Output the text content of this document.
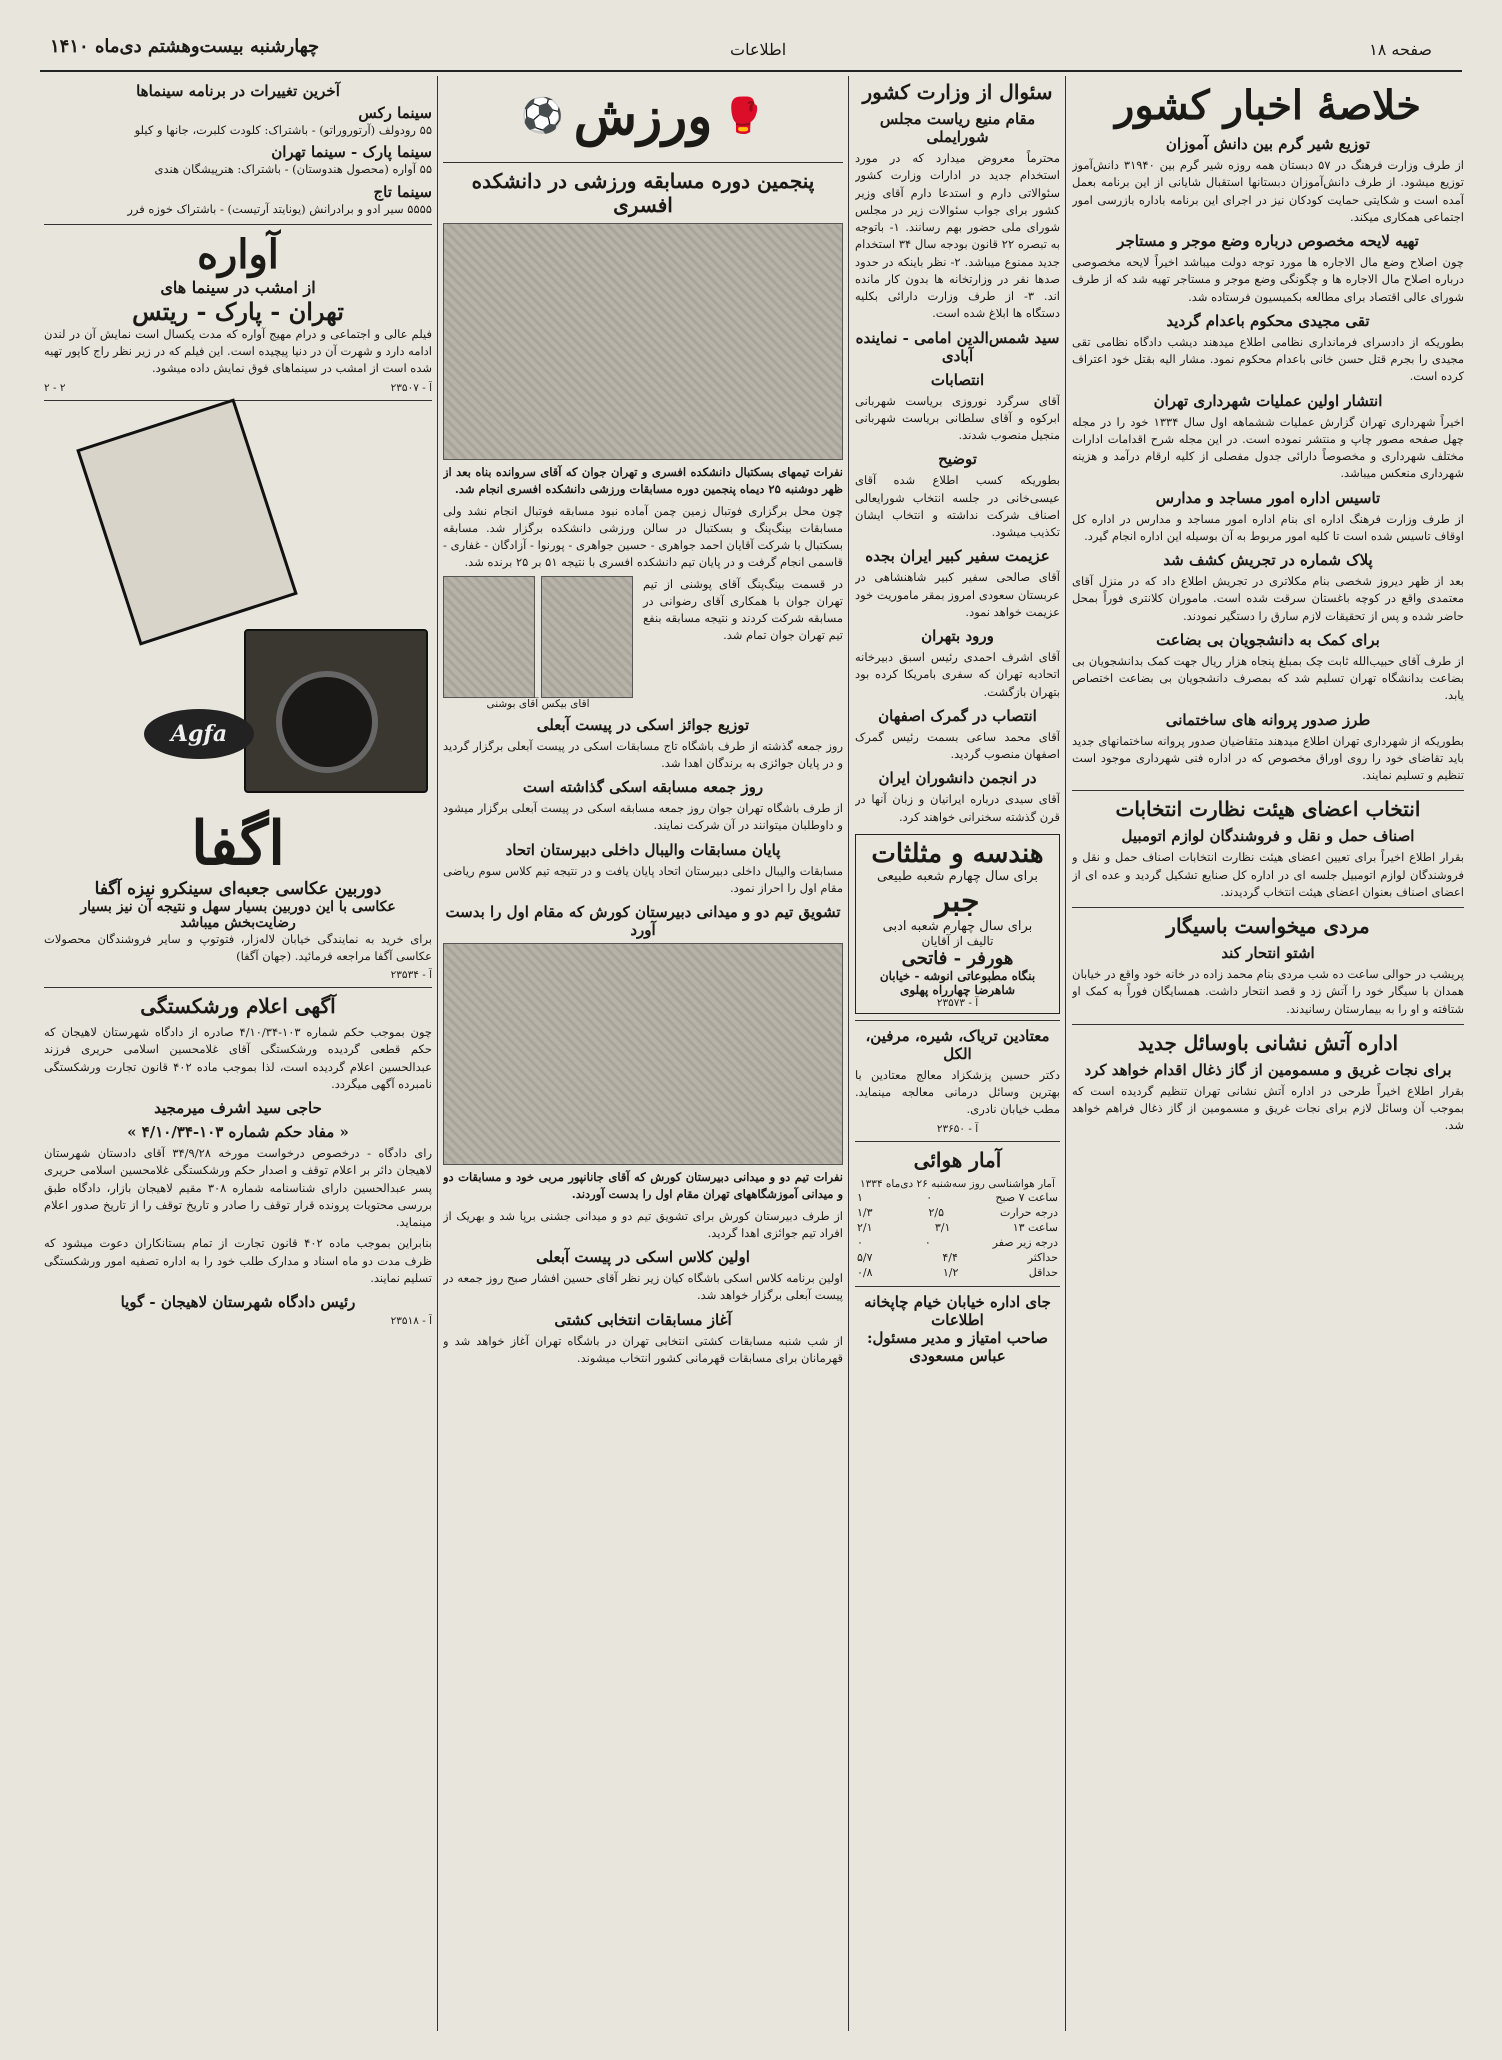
چهارشنبه بیست‌و‌هشتم دی‌ماه ۱۴۱۰	اطلاعات	صفحه ۱۸
خلاصهٔ اخبار کشور
توزیع شیر گرم بین دانش آموزان

از طرف وزارت فرهنگ در ۵۷ دبستان همه روزه شیر گرم بین ۳۱۹۴۰ دانش‌آموز توزیع میشود. از طرف دانش‌آموزان دبستانها استقبال شایانی از این برنامه بعمل آمده است و شکایتی حمایت کودکان نیز در اجرای این برنامه باداره بازرسی امور اجتماعی همکاری میکند.

تهیه لایحه مخصوص درباره وضع موجر و مستاجر

چون اصلاح وضع مال الاجاره ها مورد توجه دولت میباشد اخیراً لایحه مخصوصی درباره اصلاح مال الاجاره ها و چگونگی وضع موجر و مستاجر تهیه شد که از طرف شورای عالی اقتصاد برای مطالعه بکمیسیون فرستاده شد.

تقی مجیدی محکوم باعدام گردید

بطوریکه از دادسرای فرمانداری نظامی اطلاع میدهند دیشب دادگاه نظامی تقی مجیدی را بجرم قتل حسن خانی باعدام محکوم نمود. مشار الیه بقتل خود اعتراف کرده است.

انتشار اولین عملیات شهرداری تهران

اخیراً شهرداری تهران گزارش عملیات ششماهه اول سال ۱۳۳۴ خود را در مجله چهل صفحه مصور چاپ و منتشر نموده است. در این مجله شرح اقدامات ادارات مختلف شهرداری و مخصوصاً دارائی جدول مفصلی از کلیه ارقام درآمد و هزینه شهرداری منعکس میباشد.

تاسیس اداره امور مساجد و مدارس

از طرف وزارت فرهنگ اداره ای بنام اداره امور مساجد و مدارس در اداره کل اوقاف تاسیس شده است تا کلیه امور مربوط به آن بوسیله این اداره انجام گیرد.

پلاک شماره در تجریش کشف شد

بعد از ظهر دیروز شخصی بنام مکلاتری در تجریش اطلاع داد که در منزل آقای معتمدی واقع در کوچه باغستان سرقت شده است. ماموران کلانتری فوراً بمحل حاضر شده و پس از تحقیقات لازم سارق را دستگیر نمودند.

برای کمک به دانشجویان بی بضاعت

از طرف آقای حبیب‌الله ثابت چک بمبلغ پنجاه هزار ریال جهت کمک بدانشجویان بی بضاعت بدانشگاه تهران تسلیم شد که بمصرف دانشجویان بی بضاعت اختصاص یابد.

طرز صدور پروانه های ساختمانی

بطوریکه از شهرداری تهران اطلاع میدهند متقاضیان صدور پروانه ساختمانهای جدید باید تقاضای خود را روی اوراق مخصوص که در اداره فنی شهرداری موجود است تنظیم و تسلیم نمایند.

انتخاب اعضای هیئت نظارت انتخابات
اصناف حمل و نقل و فروشندگان لوازم اتومبیل

بقرار اطلاع اخیراً برای تعیین اعضای هیئت نظارت انتخابات اصناف حمل و نقل و فروشندگان لوازم اتومبیل جلسه ای در اداره کل صنایع تشکیل گردید و عده ای از اعضای اصناف بعنوان اعضای هیئت انتخاب گردیدند.

مردی میخواست باسیگار
اشتو انتحار کند

پریشب در حوالی ساعت ده شب مردی بنام محمد زاده در خانه خود واقع در خیابان همدان با سیگار خود را آتش زد و قصد انتحار داشت. همسایگان فوراً به کمک او شتافته و او را به بیمارستان رسانیدند.

اداره آتش نشانی باوسائل جدید
برای نجات غریق و مسمومین از گاز ذغال اقدام خواهد کرد

بقرار اطلاع اخیراً طرحی در اداره آتش نشانی تهران تنظیم گردیده است که بموجب آن وسائل لازم برای نجات غریق و مسمومین از گاز ذغال فراهم خواهد شد.

سئوال از وزارت کشور
مقام منیع ریاست مجلس شورایملی

محترماً معروض میدارد که در مورد استخدام جدید در ادارات وزارت کشور سئوالاتی دارم و استدعا دارم آقای وزیر کشور برای جواب سئوالات زیر در مجلس شورای ملی حضور بهم رسانند. ۱- باتوجه به تبصره ۲۲ قانون بودجه سال ۳۴ استخدام جدید ممنوع میباشد. ۲- نظر باینکه در حدود صدها نفر در وزارتخانه ها بدون کار مانده اند. ۳- از طرف وزارت دارائی بکلیه دستگاه ها ابلاغ شده است.

سید شمس‌الدین امامی - نماینده آبادی
انتصابات

آقای سرگرد نوروزی بریاست شهربانی ابرکوه و آقای سلطانی بریاست شهربانی منجیل منصوب شدند.

توضیح

بطوریکه کسب اطلاع شده آقای عیسی‌خانی در جلسه انتخاب شورایعالی اصناف شرکت نداشته و انتخاب ایشان تکذیب میشود.

عزیمت سفیر کبیر ایران بجده

آقای صالحی سفیر کبیر شاهنشاهی در عربستان سعودی امروز بمقر ماموریت خود عزیمت خواهد نمود.

ورود بتهران

آقای اشرف احمدی رئیس اسبق دبیرخانه اتحادیه تهران که سفری بامریکا کرده بود بتهران بازگشت.

انتصاب در گمرک اصفهان

آقای محمد ساعی بسمت رئیس گمرک اصفهان منصوب گردید.

در انجمن دانشوران ایران

آقای سیدی درباره ایرانیان و زبان آنها در قرن گذشته سخنرانی خواهند کرد.

هندسه و مثلثات
برای سال چهارم شعبه طبیعی
جبر
برای سال چهارم شعبه ادبی
تالیف از آقایان
هورفر - فاتحی
بنگاه مطبوعاتی انوشه - خیابان شاهرضا چهارراه پهلوی
آ - ۲۳۵۷۳
معتادین تریاک، شیره، مرفین، الکل

دکتر حسین پزشکزاد معالج معتادین با بهترین وسائل درمانی معالجه مینماید. مطب خیابان نادری.

آ - ۲۳۶۵۰
آمار هوائی
آمار هواشناسی روز سه‌شنبه ۲۶ دی‌ماه ۱۳۳۴
ساعت ۷ صبح
۰
۱
درجه حرارت
۲/۵
۱/۳
ساعت ۱۳
۳/۱
۲/۱
درجه زیر صفر
۰
۰
حداکثر
۴/۴
۵/۷
حداقل
۱/۲
۰/۸
جای اداره خیابان خیام چاپخانه اطلاعات
صاحب امتیاز و مدیر مسئول: عباس مسعودی
🥊
ورزش
⚽
پنجمین دوره مسابقه ورزشی در دانشکده افسری

نفرات تیمهای بسکتبال دانشکده افسری و تهران جوان که آقای سروانده بناه بعد از ظهر دوشنبه ۲۵ دیماه پنجمین دوره مسابقات ورزشی دانشکده افسری انجام شد.

چون محل برگزاری فوتبال زمین چمن آماده نبود مسابقه فوتبال انجام نشد ولی مسابقات بینگ‌پنگ و بسکتبال در سالن ورزشی دانشکده برگزار شد. مسابقه بسکتبال با شرکت آقایان احمد جواهری - حسین جواهری - پورنوا - آزادگان - غفاری - قاسمی انجام گرفت و در پایان تیم دانشکده افسری با نتیجه ۵۱ بر ۲۵ برنده شد.

در قسمت بینگ‌پنگ آقای پوشنی از تیم تهران جوان با همکاری آقای رضوانی در مسابقه شرکت کردند و نتیجه مسابقه بنفع تیم تهران جوان تمام شد.

آقای بیکس آقای بوشنی
توزیع جوائز اسکی در پیست آبعلی

روز جمعه گذشته از طرف باشگاه تاج مسابقات اسکی در پیست آبعلی برگزار گردید و در پایان جوائزی به برندگان اهدا شد.

روز جمعه مسابقه اسکی گذاشته است

از طرف باشگاه تهران جوان روز جمعه مسابقه اسکی در پیست آبعلی برگزار میشود و داوطلبان میتوانند در آن شرکت نمایند.

پایان مسابقات والیبال داخلی دبیرستان اتحاد

مسابقات والیبال داخلی دبیرستان اتحاد پایان یافت و در نتیجه تیم کلاس سوم ریاضی مقام اول را احراز نمود.

تشویق تیم دو و میدانی دبیرستان کورش که مقام اول را بدست آورد

نفرات تیم دو و میدانی دبیرستان کورش که آقای جانانپور مربی خود و مسابقات دو و میدانی آموزشگاههای تهران مقام اول را بدست آوردند.

از طرف دبیرستان کورش برای تشویق تیم دو و میدانی جشنی برپا شد و بهریک از افراد تیم جوائزی اهدا گردید.

اولین کلاس اسکی در پیست آبعلی

اولین برنامه کلاس اسکی باشگاه کیان زیر نظر آقای حسین افشار صبح روز جمعه در پیست آبعلی برگزار خواهد شد.

آغاز مسابقات انتخابی کشتی

از شب شنبه مسابقات کشتی انتخابی تهران در باشگاه تهران آغاز خواهد شد و قهرمانان برای مسابقات قهرمانی کشور انتخاب میشوند.

آخرین تغییرات در برنامه سینماها
سینما رکس

۵۵ رودولف (آرتوروراتو) - باشتراک: کلودت کلبرت، جانها و کیلو

سینما پارک - سینما تهران

۵۵ آواره (محصول هندوستان) - باشتراک: هنرپیشگان هندی

سینما تاج

۵۵۵۵ سیر ادو و برادرانش (یونایتد آرتیست) - باشتراک خوزه فرر

آواره
از امشب در سینما های
تهران - پارک - ریتس

فیلم عالی و اجتماعی و درام مهیج آواره که مدت یکسال است نمایش آن در لندن ادامه دارد و شهرت آن در دنیا پیچیده است. این فیلم که در زیر نظر راج کاپور تهیه شده است از امشب در سینماهای فوق نمایش داده میشود.

آ - ۲۳۵۰۷
۲ - ۲
Agfa
اگفا
دوربین عکاسی جعبه‌ای سینکرو نیزه آگفا
عکاسی با این دوربین بسیار سهل و نتیجه آن نیز بسیار رضایت‌بخش میباشد

برای خرید به نمایندگی خیابان لاله‌زار، فتوتوپ و سایر فروشندگان محصولات عکاسی آگفا مراجعه فرمائید. (جهان آگفا)

آ - ۲۳۵۳۴
آگهی اعلام ورشکستگی

چون بموجب حکم شماره ۱۰۳-۴/۱۰/۳۴ صادره از دادگاه شهرستان لاهیجان که حکم قطعی گردیده ورشکستگی آقای غلامحسین اسلامی حریری فرزند عبدالحسین اعلام گردیده است، لذا بموجب ماده ۴۰۲ قانون تجارت ورشکستگی نامبرده آگهی میگردد.

حاجی سید اشرف میرمجید
« مفاد حکم شماره ۱۰۳-۴/۱۰/۳۴ »

رای دادگاه - درخصوص درخواست مورخه ۳۴/۹/۲۸ آقای دادستان شهرستان لاهیجان دائر بر اعلام توقف و اصدار حکم ورشکستگی غلامحسین اسلامی حریری پسر عبدالحسین دارای شناسنامه شماره ۳۰۸ مقیم لاهیجان بازار، دادگاه طبق بررسی محتویات پرونده قرار توقف را صادر و تاریخ توقف را از تاریخ صدور اعلام مینماید.

بنابراین بموجب ماده ۴۰۲ قانون تجارت از تمام بستانکاران دعوت میشود که ظرف مدت دو ماه اسناد و مدارک طلب خود را به اداره تصفیه امور ورشکستگی تسلیم نمایند.

رئیس دادگاه شهرستان لاهیجان - گویا
آ - ۲۳۵۱۸
